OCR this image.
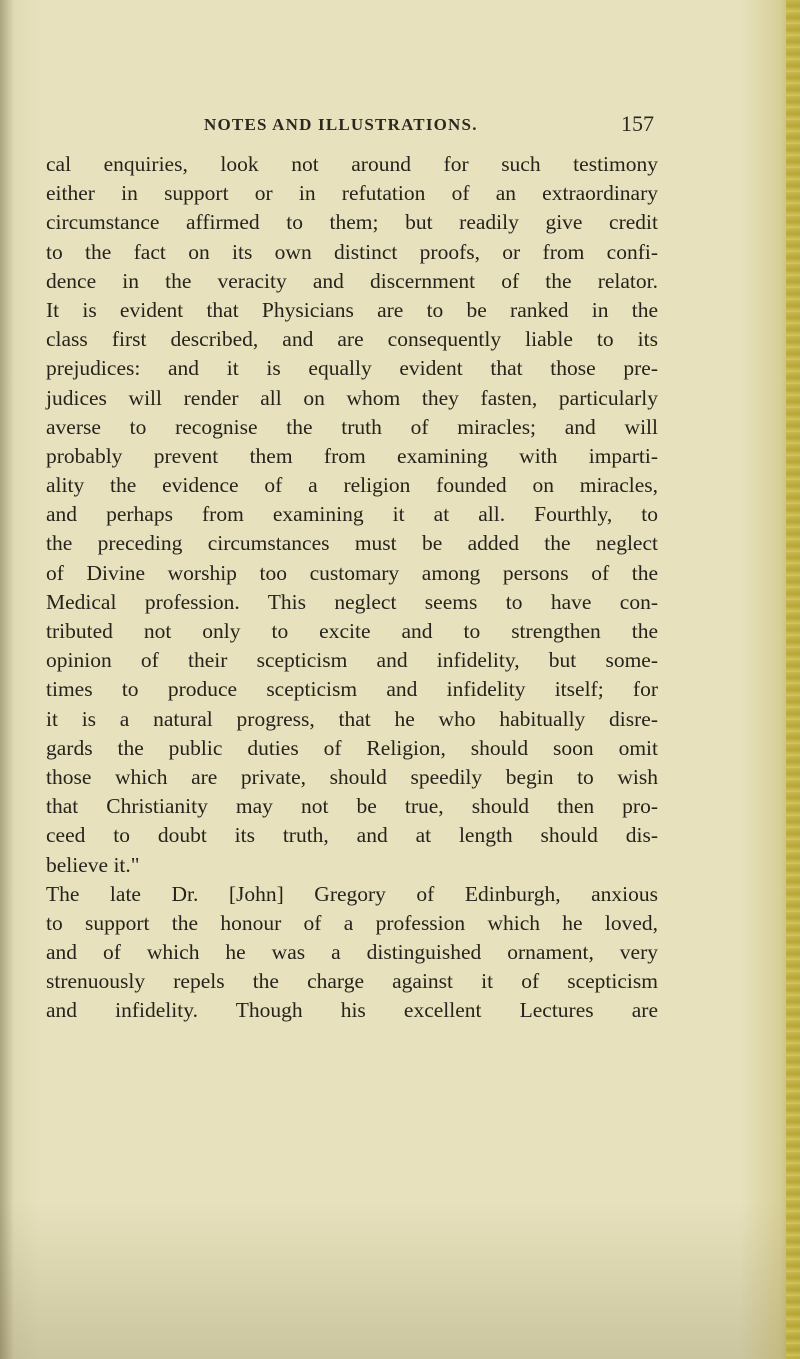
NOTES AND ILLUSTRATIONS.	157
cal enquiries, look not around for such testimony
either in support or in refutation of an extraordinary
circumstance affirmed to them; but readily give credit
to the fact on its own distinct proofs, or from confi-
dence in the veracity and discernment of the relator.
It is evident that Physicians are to be ranked in the
class first described, and are consequently liable to its
prejudices: and it is equally evident that those pre-
judices will render all on whom they fasten, particularly
averse to recognise the truth of miracles; and will
probably prevent them from examining with imparti-
ality the evidence of a religion founded on miracles,
and perhaps from examining it at all. Fourthly, to
the preceding circumstances must be added the neglect
of Divine worship too customary among persons of the
Medical profession. This neglect seems to have con-
tributed not only to excite and to strengthen the
opinion of their scepticism and infidelity, but some-
times to produce scepticism and infidelity itself; for
it is a natural progress, that he who habitually disre-
gards the public duties of Religion, should soon omit
those which are private, should speedily begin to wish
that Christianity may not be true, should then pro-
ceed to doubt its truth, and at length should dis-
believe it."
The late Dr. [John] Gregory of Edinburgh, anxious
to support the honour of a profession which he loved,
and of which he was a distinguished ornament, very
strenuously repels the charge against it of scepticism
and infidelity. Though his excellent Lectures are
